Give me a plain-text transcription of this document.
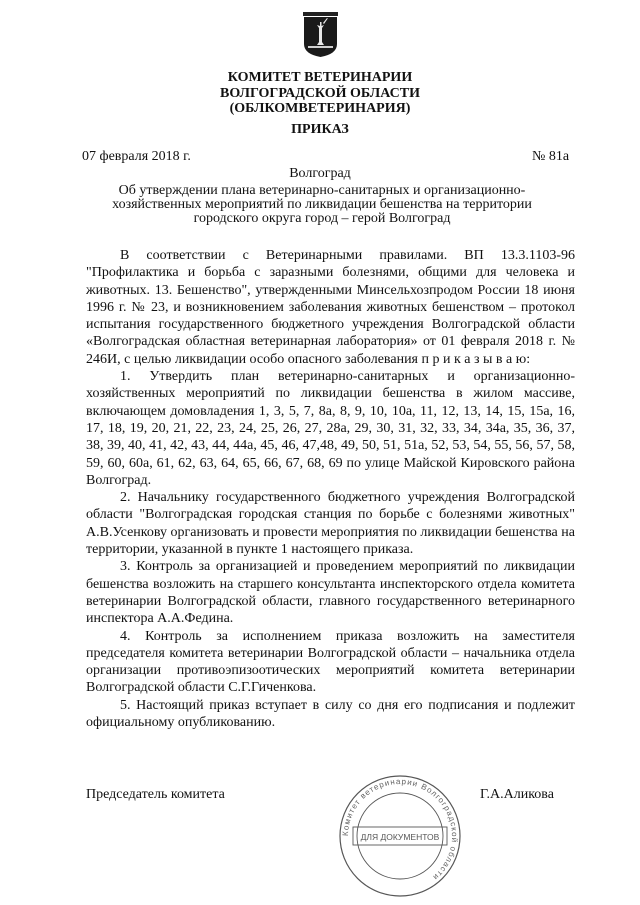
КОМИТЕТ ВЕТЕРИНАРИИ
ВОЛГОГРАДСКОЙ ОБЛАСТИ
(ОБЛКОМВЕТЕРИНАРИЯ)
ПРИКАЗ
07 февраля 2018 г.	№ 81а
Волгоград
Об утверждении плана ветеринарно-санитарных и организационно-хозяйственных мероприятий по ликвидации бешенства на территории городского округа город – герой Волгоград

В соответствии с Ветеринарными правилами. ВП 13.3.1103-96 "Профилактика и борьба с заразными болезнями, общими для человека и животных. 13. Бешенство", утвержденными Минсельхозпродом России 18 июня 1996 г. № 23, и возникновением заболевания животных бешенством – протокол испытания государственного бюджетного учреждения Волгоградской области «Волгоградская областная ветеринарная лаборатория» от 01 февраля 2018 г. № 246И, с целью ликвидации особо опасного заболевания п р и к а з ы в а ю:

1. Утвердить план ветеринарно-санитарных и организационно-хозяйственных мероприятий по ликвидации бешенства в жилом массиве, включающем домовладения 1, 3, 5, 7, 8а, 8, 9, 10, 10а, 11, 12, 13, 14, 15, 15а, 16, 17, 18, 19, 20, 21, 22, 23, 24, 25, 26, 27, 28а, 29, 30, 31, 32, 33, 34, 34а, 35, 36, 37, 38, 39, 40, 41, 42, 43, 44, 44а, 45, 46, 47,48, 49, 50, 51, 51а, 52, 53, 54, 55, 56, 57, 58, 59, 60, 60а, 61, 62, 63, 64, 65, 66, 67, 68, 69 по улице Майской Кировского района Волгоград.

2. Начальнику государственного бюджетного учреждения Волгоградской области "Волгоградская городская станция по борьбе с болезнями животных" А.В.Усенкову организовать и провести мероприятия по ликвидации бешенства на территории, указанной в пункте 1 настоящего приказа.

3. Контроль за организацией и проведением мероприятий по ликвидации бешенства возложить на старшего консультанта инспекторского отдела комитета ветеринарии Волгоградской области, главного государственного ветеринарного инспектора А.А.Федина.

4. Контроль за исполнением приказа возложить на заместителя председателя комитета ветеринарии Волгоградской области – начальника отдела организации противоэпизоотических мероприятий комитета ветеринарии Волгоградской области С.Г.Гиченкова.

5. Настоящий приказ вступает в силу со дня его подписания и подлежит официальному опубликованию.

Председатель комитета	Г.А.Аликова
Комитет ветеринарии Волгоградской области
ДЛЯ ДОКУМЕНТОВ
